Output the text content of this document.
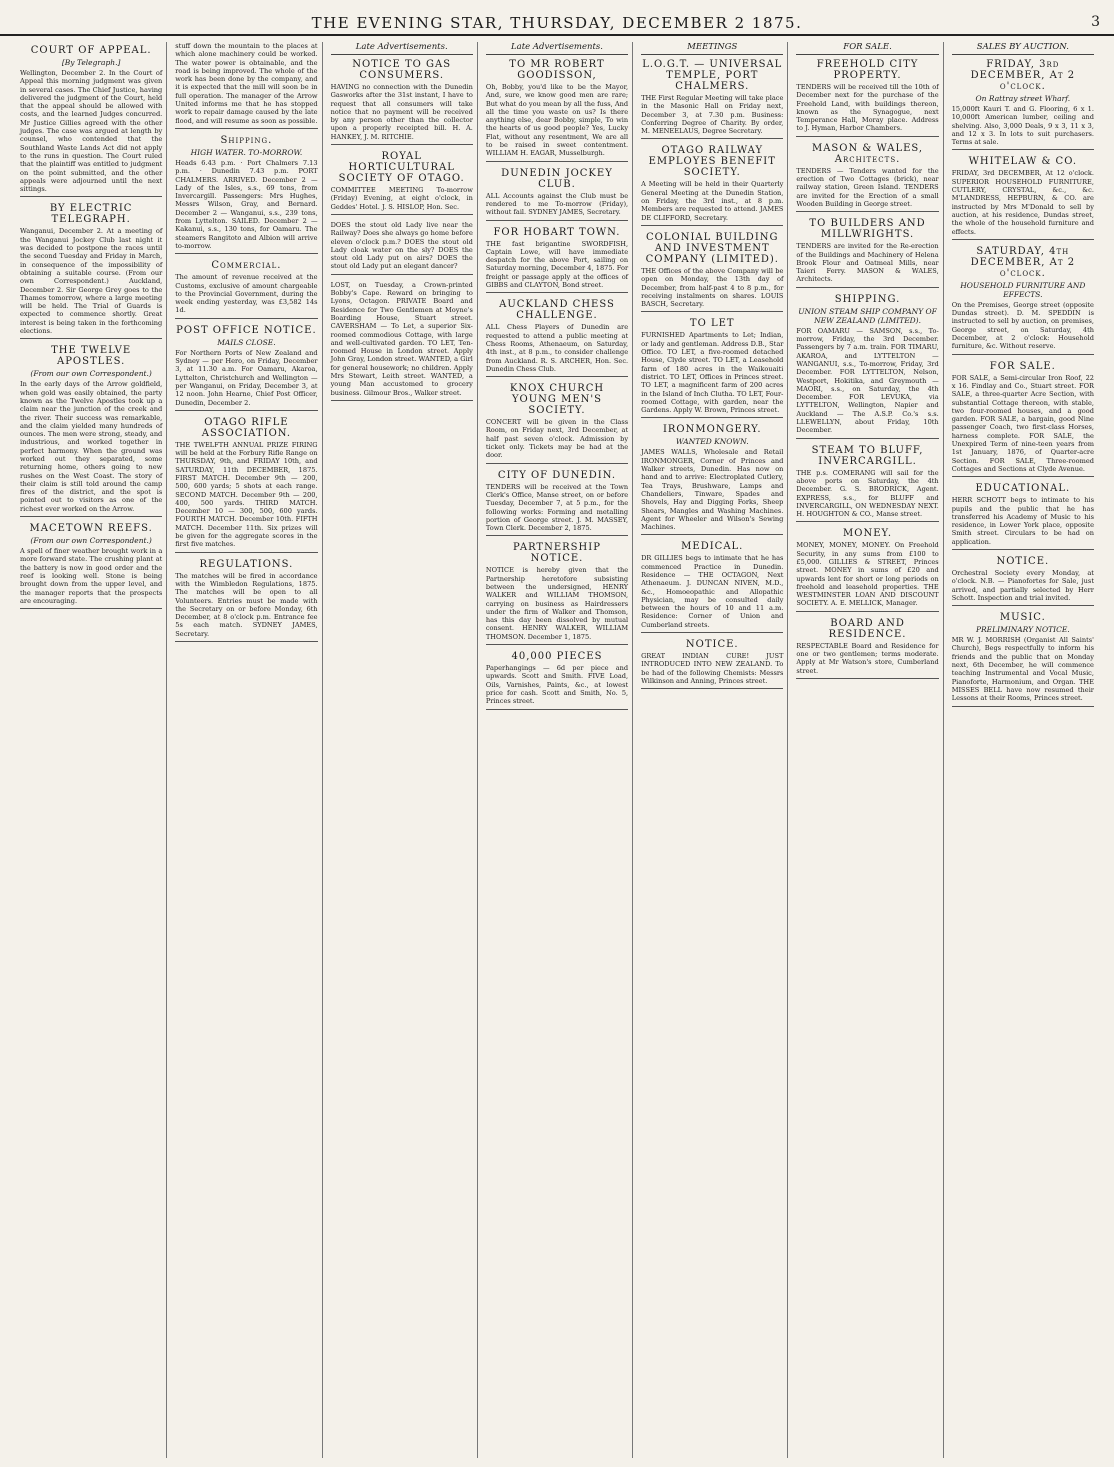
THE EVENING STAR, THURSDAY, DECEMBER 2 1875.	3
COURT OF APPEAL.
[By Telegraph.]
Wellington, December 2. In the Court of Appeal this morning judgment was given in several cases. The Chief Justice, having delivered the judgment of the Court, held that the appeal should be allowed with costs, and the learned Judges concurred. Mr Justice Gillies agreed with the other judges. The case was argued at length by counsel, who contended that the Southland Waste Lands Act did not apply to the runs in question. The Court ruled that the plaintiff was entitled to judgment on the point submitted, and the other appeals were adjourned until the next sittings.
BY ELECTRIC TELEGRAPH.
Wanganui, December 2. At a meeting of the Wanganui Jockey Club last night it was decided to postpone the races until the second Tuesday and Friday in March, in consequence of the impossibility of obtaining a suitable course. (From our own Correspondent.) Auckland, December 2. Sir George Grey goes to the Thames tomorrow, where a large meeting will be held. The Trial of Guards is expected to commence shortly. Great interest is being taken in the forthcoming elections.
THE TWELVE APOSTLES.
(From our own Correspondent.)
In the early days of the Arrow goldfield, when gold was easily obtained, the party known as the Twelve Apostles took up a claim near the junction of the creek and the river. Their success was remarkable, and the claim yielded many hundreds of ounces. The men were strong, steady, and industrious, and worked together in perfect harmony. When the ground was worked out they separated, some returning home, others going to new rushes on the West Coast. The story of their claim is still told around the camp fires of the district, and the spot is pointed out to visitors as one of the richest ever worked on the Arrow.
MACETOWN REEFS.
(From our own Correspondent.)
A spell of finer weather brought work in a more forward state. The crushing plant at the battery is now in good order and the reef is looking well. Stone is being brought down from the upper level, and the manager reports that the prospects are encouraging.
stuff down the mountain to the places at which alone machinery could be worked. The water power is obtainable, and the road is being improved. The whole of the work has been done by the company, and it is expected that the mill will soon be in full operation. The manager of the Arrow United informs me that he has stopped work to repair damage caused by the late flood, and will resume as soon as possible.
Shipping.
HIGH WATER. TO-MORROW.
Heads 6.43 p.m. · Port Chalmers 7.13 p.m. · Dunedin 7.43 p.m. PORT CHALMERS. ARRIVED. December 2 — Lady of the Isles, s.s., 69 tons, from Invercargill. Passengers: Mrs Hughes, Messrs Wilson, Gray, and Bernard. December 2 — Wanganui, s.s., 239 tons, from Lyttelton. SAILED. December 2 — Kakanui, s.s., 130 tons, for Oamaru. The steamers Rangitoto and Albion will arrive to-morrow.
Commercial.
The amount of revenue received at the Customs, exclusive of amount chargeable to the Provincial Government, during the week ending yesterday, was £3,582 14s 1d.
POST OFFICE NOTICE.
MAILS CLOSE.
For Northern Ports of New Zealand and Sydney — per Hero, on Friday, December 3, at 11.30 a.m. For Oamaru, Akaroa, Lyttelton, Christchurch and Wellington — per Wanganui, on Friday, December 3, at 12 noon. John Hearne, Chief Post Officer, Dunedin, December 2.
OTAGO RIFLE ASSOCIATION.
THE TWELFTH ANNUAL PRIZE FIRING will be held at the Forbury Rifle Range on THURSDAY, 9th, and FRIDAY 10th, and SATURDAY, 11th DECEMBER, 1875. FIRST MATCH. December 9th — 200, 500, 600 yards; 5 shots at each range. SECOND MATCH. December 9th — 200, 400, 500 yards. THIRD MATCH. December 10 — 300, 500, 600 yards. FOURTH MATCH. December 10th. FIFTH MATCH. December 11th. Six prizes will be given for the aggregate scores in the first five matches.
REGULATIONS.
The matches will be fired in accordance with the Wimbledon Regulations, 1875. The matches will be open to all Volunteers. Entries must be made with the Secretary on or before Monday, 6th December, at 8 o'clock p.m. Entrance fee 5s each match. SYDNEY JAMES, Secretary.
Late Advertisements.
NOTICE TO GAS CONSUMERS.
HAVING no connection with the Dunedin Gasworks after the 31st instant, I have to request that all consumers will take notice that no payment will be received by any person other than the collector upon a properly receipted bill. H. A. HANKEY, J. M. RITCHIE.
ROYAL HORTICULTURAL SOCIETY OF OTAGO.
COMMITTEE MEETING To-morrow (Friday) Evening, at eight o'clock, in Geddes' Hotel. J. S. HISLOP, Hon. Sec.
DOES the stout old Lady live near the Railway? Does she always go home before eleven o'clock p.m.? DOES the stout old Lady cloak water on the sly? DOES the stout old Lady put on airs? DOES the stout old Lady put an elegant dancer?
LOST, on Tuesday, a Crown-printed Bobby's Cape. Reward on bringing to Lyons, Octagon. PRIVATE Board and Residence for Two Gentlemen at Moyne's Boarding House, Stuart street. CAVERSHAM — To Let, a superior Six-roomed commodious Cottage, with large and well-cultivated garden. TO LET, Ten-roomed House in London street. Apply John Gray, London street. WANTED, a Girl for general housework; no children. Apply Mrs Stewart, Leith street. WANTED, a young Man accustomed to grocery business. Gilmour Bros., Walker street.
Late Advertisements.
TO MR ROBERT GOODISSON,
Oh, Bobby, you'd like to be the Mayor, And, sure, we know good men are rare; But what do you mean by all the fuss, And all the time you waste on us? Is there anything else, dear Bobby, simple, To win the hearts of us good people? Yes, Lucky Flat, without any resentment, We are all to be raised in sweet contentment. WILLIAM H. EAGAR, Musselburgh.
DUNEDIN JOCKEY CLUB.
ALL Accounts against the Club must be rendered to me To-morrow (Friday), without fail. SYDNEY JAMES, Secretary.
FOR HOBART TOWN.
THE fast brigantine SWORDFISH, Captain Lowe, will have immediate despatch for the above Port, sailing on Saturday morning, December 4, 1875. For freight or passage apply at the offices of GIBBS and CLAYTON, Bond street.
AUCKLAND CHESS CHALLENGE.
ALL Chess Players of Dunedin are requested to attend a public meeting at Chess Rooms, Athenaeum, on Saturday, 4th inst., at 8 p.m., to consider challenge from Auckland. R. S. ARCHER, Hon. Sec. Dunedin Chess Club.
KNOX CHURCH YOUNG MEN'S SOCIETY.
CONCERT will be given in the Class Room, on Friday next, 3rd December, at half past seven o'clock. Admission by ticket only. Tickets may be had at the door.
CITY OF DUNEDIN.
TENDERS will be received at the Town Clerk's Office, Manse street, on or before Tuesday, December 7, at 5 p.m., for the following works: Forming and metalling portion of George street. J. M. MASSEY, Town Clerk. December 2, 1875.
PARTNERSHIP NOTICE.
NOTICE is hereby given that the Partnership heretofore subsisting between the undersigned, HENRY WALKER and WILLIAM THOMSON, carrying on business as Hairdressers under the firm of Walker and Thomson, has this day been dissolved by mutual consent. HENRY WALKER, WILLIAM THOMSON. December 1, 1875.
40,000 PIECES
Paperhangings — 6d per piece and upwards. Scott and Smith. FIVE Load, Oils, Varnishes, Paints, &c., at lowest price for cash. Scott and Smith, No. 5, Princes street.
MEETINGS
L.O.G.T. — UNIVERSAL TEMPLE, PORT CHALMERS.
THE First Regular Meeting will take place in the Masonic Hall on Friday next, December 3, at 7.30 p.m. Business: Conferring Degree of Charity. By order, M. MENEELAUS, Degree Secretary.
OTAGO RAILWAY EMPLOYES BENEFIT SOCIETY.
A Meeting will be held in their Quarterly General Meeting at the Dunedin Station, on Friday, the 3rd inst., at 8 p.m. Members are requested to attend. JAMES DE CLIFFORD, Secretary.
COLONIAL BUILDING AND INVESTMENT COMPANY (LIMITED).
THE Offices of the above Company will be open on Monday, the 13th day of December, from half-past 4 to 8 p.m., for receiving instalments on shares. LOUIS BASCH, Secretary.
TO LET
FURNISHED Apartments to Let; Indian, or lady and gentleman. Address D.B., Star Office. TO LET, a five-roomed detached House, Clyde street. TO LET, a Leasehold farm of 180 acres in the Waikouaiti district. TO LET, Offices in Princes street. TO LET, a magnificent farm of 200 acres in the Island of Inch Clutha. TO LET, Four-roomed Cottage, with garden, near the Gardens. Apply W. Brown, Princes street.
IRONMONGERY.
WANTED KNOWN.
JAMES WALLS, Wholesale and Retail IRONMONGER, Corner of Princes and Walker streets, Dunedin. Has now on hand and to arrive: Electroplated Cutlery, Tea Trays, Brushware, Lamps and Chandeliers, Tinware, Spades and Shovels, Hay and Digging Forks, Sheep Shears, Mangles and Washing Machines. Agent for Wheeler and Wilson's Sewing Machines.
MEDICAL.
DR GILLIES begs to intimate that he has commenced Practice in Dunedin. Residence — THE OCTAGON, Next Athenaeum. J. DUNCAN NIVEN, M.D., &c., Homoeopathic and Allopathic Physician, may be consulted daily between the hours of 10 and 11 a.m. Residence: Corner of Union and Cumberland streets.
NOTICE.
GREAT INDIAN CURE! JUST INTRODUCED INTO NEW ZEALAND. To be had of the following Chemists: Messrs Wilkinson and Anning, Princes street.
FOR SALE.
FREEHOLD CITY PROPERTY.
TENDERS will be received till the 10th of December next for the purchase of the Freehold Land, with buildings thereon, known as the Synagogue, next Temperance Hall, Moray place. Address to J. Hyman, Harbor Chambers.
MASON & WALES, Architects.
TENDERS — Tenders wanted for the erection of Two Cottages (brick), near railway station, Green Island. TENDERS are invited for the Erection of a small Wooden Building in George street.
TO BUILDERS AND MILLWRIGHTS.
TENDERS are invited for the Re-erection of the Buildings and Machinery of Helena Brook Flour and Oatmeal Mills, near Taieri Ferry. MASON & WALES, Architects.
SHIPPING.
UNION STEAM SHIP COMPANY OF NEW ZEALAND (LIMITED).
FOR OAMARU — SAMSON, s.s., To-morrow, Friday, the 3rd December. Passengers by 7 a.m. train. FOR TIMARU, AKAROA, and LYTTELTON — WANGANUI, s.s., To-morrow, Friday, 3rd December. FOR LYTTELTON, Nelson, Westport, Hokitika, and Greymouth — MAORI, s.s., on Saturday, the 4th December. FOR LEVUKA, via LYTTELTON, Wellington, Napier and Auckland — The A.S.P. Co.'s s.s. LLEWELLYN, about Friday, 10th December.
STEAM TO BLUFF, INVERCARGILL.
THE p.s. COMERANG will sail for the above ports on Saturday, the 4th December. G. S. BRODRICK, Agent. EXPRESS, s.s., for BLUFF and INVERCARGILL, ON WEDNESDAY NEXT. H. HOUGHTON & CO., Manse street.
MONEY.
MONEY, MONEY, MONEY. On Freehold Security, in any sums from £100 to £5,000. GILLIES & STREET, Princes street. MONEY in sums of £20 and upwards lent for short or long periods on freehold and leasehold properties. THE WESTMINSTER LOAN AND DISCOUNT SOCIETY. A. E. MELLICK, Manager.
BOARD AND RESIDENCE.
RESPECTABLE Board and Residence for one or two gentlemen; terms moderate. Apply at Mr Watson's store, Cumberland street.
SALES BY AUCTION.
FRIDAY, 3rd DECEMBER, At 2 o'clock.
On Rattray street Wharf.
15,000ft Kauri T. and G. Flooring, 6 x 1. 10,000ft American lumber, ceiling and shelving. Also, 3,000 Deals, 9 x 3, 11 x 3, and 12 x 3. In lots to suit purchasers. Terms at sale.
WHITELAW & CO.
FRIDAY, 3rd DECEMBER, At 12 o'clock. SUPERIOR HOUSEHOLD FURNITURE, CUTLERY, CRYSTAL, &c., &c. M'LANDRESS, HEPBURN, & CO. are instructed by Mrs M'Donald to sell by auction, at his residence, Dundas street, the whole of the household furniture and effects.
SATURDAY, 4th DECEMBER, At 2 o'clock.
HOUSEHOLD FURNITURE AND EFFECTS.
On the Premises, George street (opposite Dundas street). D. M. SPEDDIN is instructed to sell by auction, on premises, George street, on Saturday, 4th December, at 2 o'clock: Household furniture, &c. Without reserve.
FOR SALE.
FOR SALE, a Semi-circular Iron Roof, 22 x 16. Findlay and Co., Stuart street. FOR SALE, a three-quarter Acre Section, with substantial Cottage thereon, with stable, two four-roomed houses, and a good garden. FOR SALE, a bargain, good Nine passenger Coach, two first-class Horses, harness complete. FOR SALE, the Unexpired Term of nine-teen years from 1st January, 1876, of Quarter-acre Section. FOR SALE, Three-roomed Cottages and Sections at Clyde Avenue.
EDUCATIONAL.
HERR SCHOTT begs to intimate to his pupils and the public that he has transferred his Academy of Music to his residence, in Lower York place, opposite Smith street. Circulars to be had on application.
NOTICE.
Orchestral Society every Monday, at o'clock. N.B. — Pianofortes for Sale, just arrived, and partially selected by Herr Schott. Inspection and trial invited.
MUSIC.
PRELIMINARY NOTICE.
MR W. J. MORRISH (Organist All Saints' Church), Begs respectfully to inform his friends and the public that on Monday next, 6th December, he will commence teaching Instrumental and Vocal Music, Pianoforte, Harmonium, and Organ. THE MISSES BELL have now resumed their Lessons at their Rooms, Princes street.
